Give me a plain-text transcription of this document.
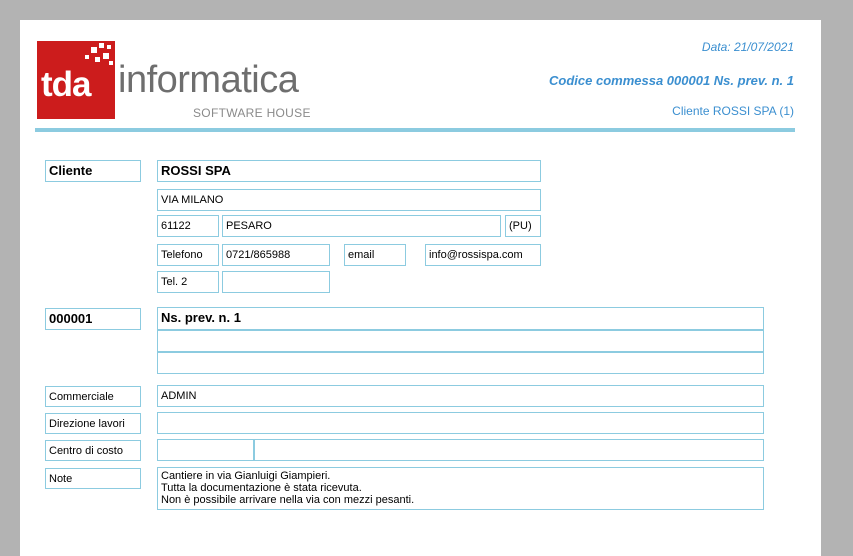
tda informatica
SOFTWARE HOUSE
Data: 21/07/2021
Codice commessa 000001 Ns. prev. n. 1
Cliente ROSSI SPA (1)
Cliente	ROSSI SPA
VIA MILANO
61122	PESARO	(PU)
Telefono	0721/865988	email	info@rossispa.com
Tel. 2
000001	Ns. prev. n. 1
Commerciale	ADMIN
Direzione lavori
Centro di costo
Note	Cantiere in via Gianluigi Giampieri.
Tutta la documentazione è stata ricevuta.
Non è possibile arrivare nella via con mezzi pesanti.
